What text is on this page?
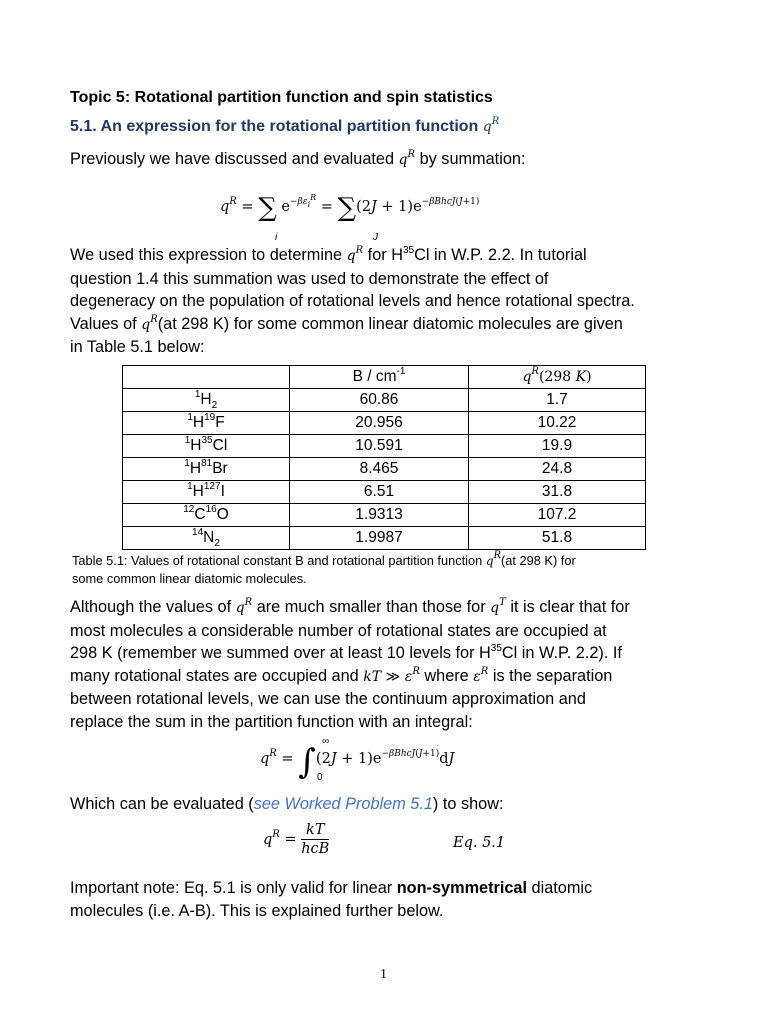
Topic 5: Rotational partition function and spin statistics

5.1. An expression for the rotational partition function $q^R$

Previously we have discussed and evaluated $q^R$ by summation:

$q^R$ = ∑ $e^{-\beta\varepsilon_i^R} = \sum(2J + 1)e^{-\beta BhcJ(J+1)}$
i	J

We used this expression to determine $q^R$ for $H^{35}Cl$ in W.P. 2.2. In tutorial
question 1.4 this summation was used to demonstrate the effect of
degeneracy on the population of rotational levels and hence rotational spectra.
Values of $q^R(at$ 298 K) for some common linear diatomic molecules are given
in Table 5.1 below:

	B / $cm^{-1}$	$q^R(298$ K)
$^1H_2$	60.86	1.7
$^1H^{19}F$	20.956	10.22
$^1H^{35}Cl$	10.591	19.9
$^1H^{81}Br$	8.465	24.8
$^1H^{127}I$	6.51	31.8
$^{12}C^{16}O$	1.9313	107.2
$^{14}N_2$	1.9987	51.8

Table 5.1: Values of rotational constant B and rotational partition function $q^R(at$ 298 K) for
some common linear diatomic molecules.

Although the values of $q^R$ are much smaller than those for $q^T$ it is clear that for
most molecules a considerable number of rotational states are occupied at
298 K (remember we summed over at least 10 levels for $H^{35}Cl$ in W.P. 2.2). If
many rotational states are occupied and kT ≫ $\varepsilon^R$ where $\varepsilon^R$ is the separation
between rotational levels, we can use the continuum approximation and
replace the sum in the partition function with an integral:

$q^R = \int(2J + 1)e^{-\beta BhcJ(J+1)}dJ$
∞
0

Which can be evaluated (see Worked Problem 5.1) to show:

$q^R = \frac{kT}{\text{hcB}}$	Eq. 5.1

Important note: Eq. 5.1 is only valid for linear non-symmetrical diatomic
molecules (i.e. A-B). This is explained further below.

1
